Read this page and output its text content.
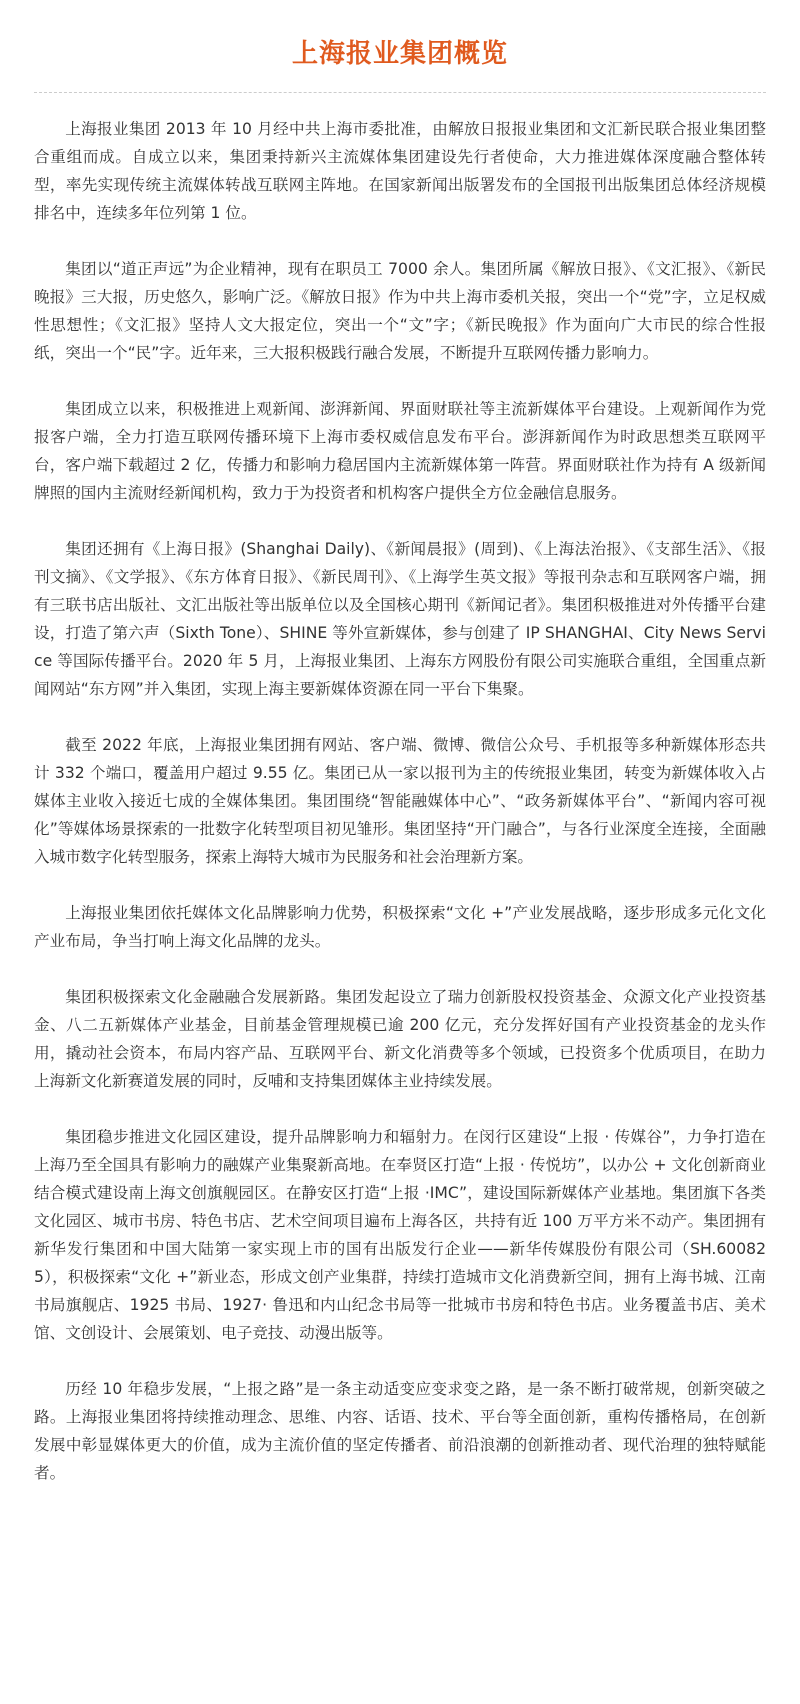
上海报业集团概览

上海报业集团 2013 年 10 月经中共上海市委批准，由解放日报报业集团和文汇新民联合报业集团整合重组而成。自成立以来，集团秉持新兴主流媒体集团建设先行者使命，大力推进媒体深度融合整体转型，率先实现传统主流媒体转战互联网主阵地。在国家新闻出版署发布的全国报刊出版集团总体经济规模排名中，连续多年位列第 1 位。

集团以“道正声远”为企业精神，现有在职员工 7000 余人。集团所属《解放日报》、《文汇报》、《新民晚报》三大报，历史悠久，影响广泛。《解放日报》作为中共上海市委机关报，突出一个“党”字，立足权威性思想性；《文汇报》坚持人文大报定位，突出一个“文”字；《新民晚报》作为面向广大市民的综合性报纸，突出一个“民”字。近年来，三大报积极践行融合发展，不断提升互联网传播力影响力。

集团成立以来，积极推进上观新闻、澎湃新闻、界面财联社等主流新媒体平台建设。上观新闻作为党报客户端，全力打造互联网传播环境下上海市委权威信息发布平台。澎湃新闻作为时政思想类互联网平台，客户端下载超过 2 亿，传播力和影响力稳居国内主流新媒体第一阵营。界面财联社作为持有 A 级新闻牌照的国内主流财经新闻机构，致力于为投资者和机构客户提供全方位金融信息服务。

集团还拥有《上海日报》(Shanghai Daily)、《新闻晨报》(周到)、《上海法治报》、《支部生活》、《报刊文摘》、《文学报》、《东方体育日报》、《新民周刊》、《上海学生英文报》等报刊杂志和互联网客户端，拥有三联书店出版社、文汇出版社等出版单位以及全国核心期刊《新闻记者》。集团积极推进对外传播平台建设，打造了第六声（Sixth Tone）、SHINE 等外宣新媒体，参与创建了 IP SHANGHAI、City News Service 等国际传播平台。2020 年 5 月，上海报业集团、上海东方网股份有限公司实施联合重组，全国重点新闻网站“东方网”并入集团，实现上海主要新媒体资源在同一平台下集聚。

截至 2022 年底，上海报业集团拥有网站、客户端、微博、微信公众号、手机报等多种新媒体形态共计 332 个端口，覆盖用户超过 9.55 亿。集团已从一家以报刊为主的传统报业集团，转变为新媒体收入占媒体主业收入接近七成的全媒体集团。集团围绕“智能融媒体中心”、“政务新媒体平台”、“新闻内容可视化”等媒体场景探索的一批数字化转型项目初见雏形。集团坚持“开门融合”，与各行业深度全连接，全面融入城市数字化转型服务，探索上海特大城市为民服务和社会治理新方案。

上海报业集团依托媒体文化品牌影响力优势，积极探索“文化 +”产业发展战略，逐步形成多元化文化产业布局，争当打响上海文化品牌的龙头。

集团积极探索文化金融融合发展新路。集团发起设立了瑞力创新股权投资基金、众源文化产业投资基金、八二五新媒体产业基金，目前基金管理规模已逾 200 亿元，充分发挥好国有产业投资基金的龙头作用，撬动社会资本，布局内容产品、互联网平台、新文化消费等多个领域，已投资多个优质项目，在助力上海新文化新赛道发展的同时，反哺和支持集团媒体主业持续发展。

集团稳步推进文化园区建设，提升品牌影响力和辐射力。在闵行区建设“上报 · 传媒谷”，力争打造在上海乃至全国具有影响力的融媒产业集聚新高地。在奉贤区打造“上报 · 传悦坊”，以办公 + 文化创新商业结合模式建设南上海文创旗舰园区。在静安区打造“上报 ·IMC”，建设国际新媒体产业基地。集团旗下各类文化园区、城市书房、特色书店、艺术空间项目遍布上海各区，共持有近 100 万平方米不动产。集团拥有新华发行集团和中国大陆第一家实现上市的国有出版发行企业——新华传媒股份有限公司（SH.600825），积极探索“文化 +”新业态，形成文创产业集群，持续打造城市文化消费新空间，拥有上海书城、江南书局旗舰店、1925 书局、1927· 鲁迅和内山纪念书局等一批城市书房和特色书店。业务覆盖书店、美术馆、文创设计、会展策划、电子竞技、动漫出版等。

历经 10 年稳步发展，“上报之路”是一条主动适变应变求变之路，是一条不断打破常规，创新突破之路。上海报业集团将持续推动理念、思维、内容、话语、技术、平台等全面创新，重构传播格局，在创新发展中彰显媒体更大的价值，成为主流价值的坚定传播者、前沿浪潮的创新推动者、现代治理的独特赋能者。
